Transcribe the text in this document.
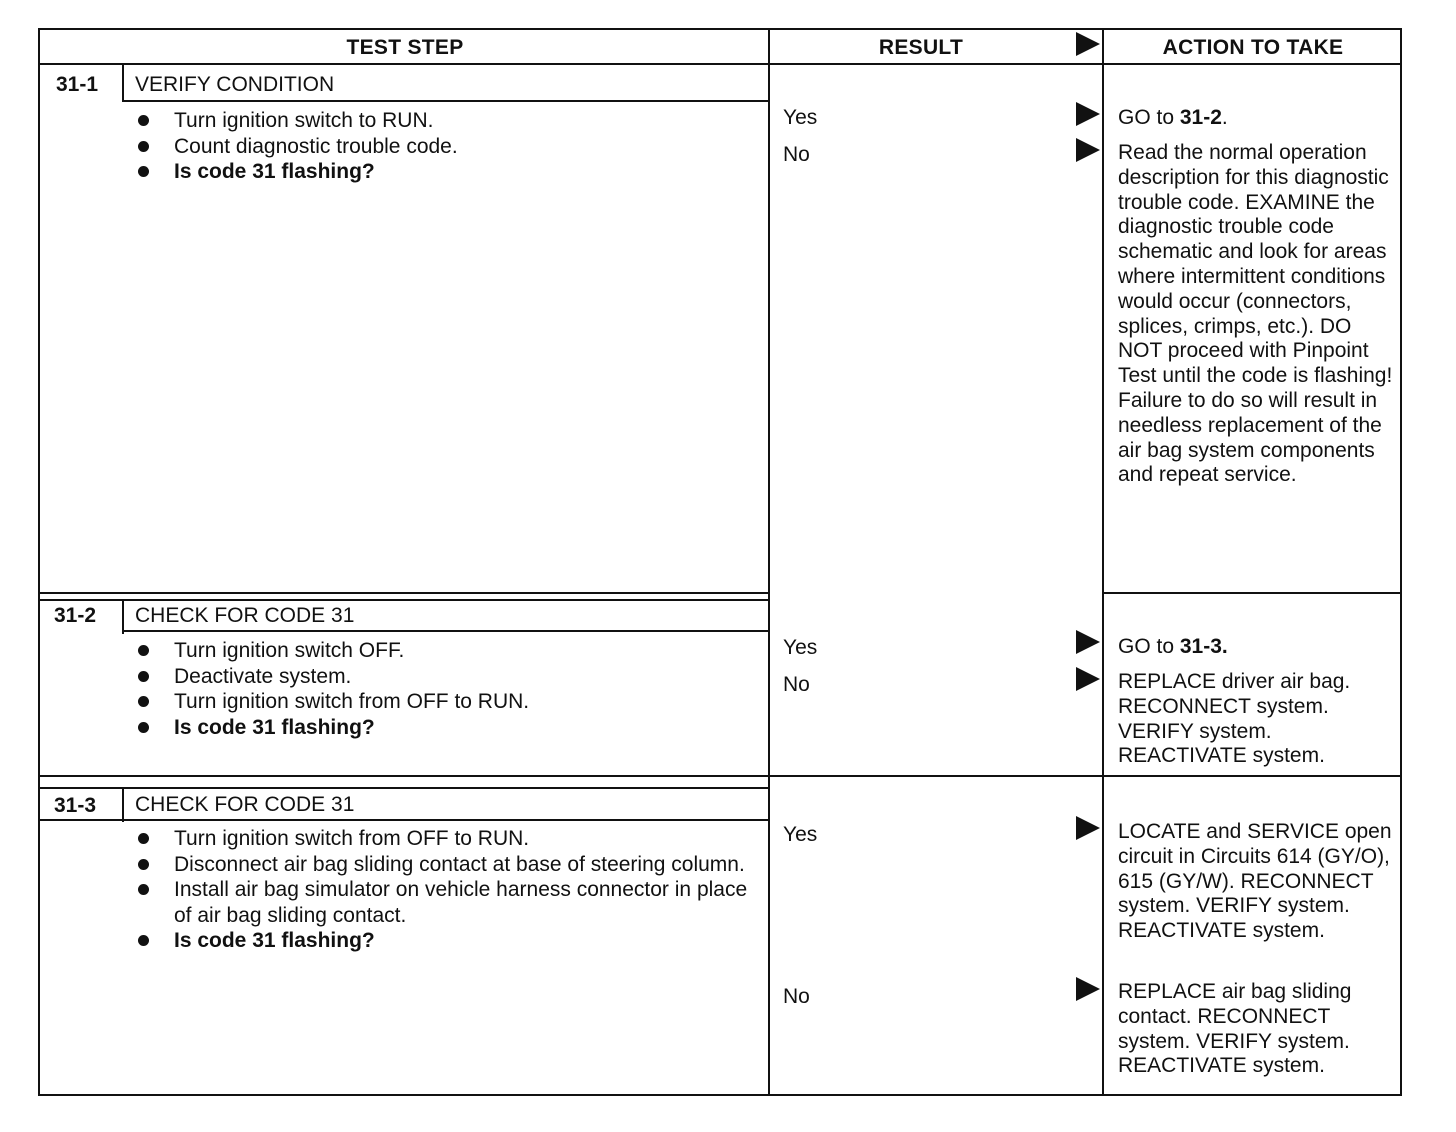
TEST STEP	RESULT	ACTION TO TAKE
31-1 VERIFY CONDITION
Turn ignition switch to RUN.
Count diagnostic trouble code.
Is code 31 flashing?
Yes	GO to 31-2.
No	Read the normal operation description for this diagnostic trouble code. EXAMINE the diagnostic trouble code schematic and look for areas where intermittent conditions would occur (connectors, splices, crimps, etc.). DO NOT proceed with Pinpoint Test until the code is flashing! Failure to do so will result in needless replacement of the air bag system components and repeat service.
31-2 CHECK FOR CODE 31
Turn ignition switch OFF.
Deactivate system.
Turn ignition switch from OFF to RUN.
Is code 31 flashing?
Yes	GO to 31-3.
No	REPLACE driver air bag. RECONNECT system. VERIFY system. REACTIVATE system.
31-3 CHECK FOR CODE 31
Turn ignition switch from OFF to RUN.
Disconnect air bag sliding contact at base of steering column.
Install air bag simulator on vehicle harness connector in place of air bag sliding contact.
Is code 31 flashing?
Yes	LOCATE and SERVICE open circuit in Circuits 614 (GY/O), 615 (GY/W). RECONNECT system. VERIFY system. REACTIVATE system.
No	REPLACE air bag sliding contact. RECONNECT system. VERIFY system. REACTIVATE system.
